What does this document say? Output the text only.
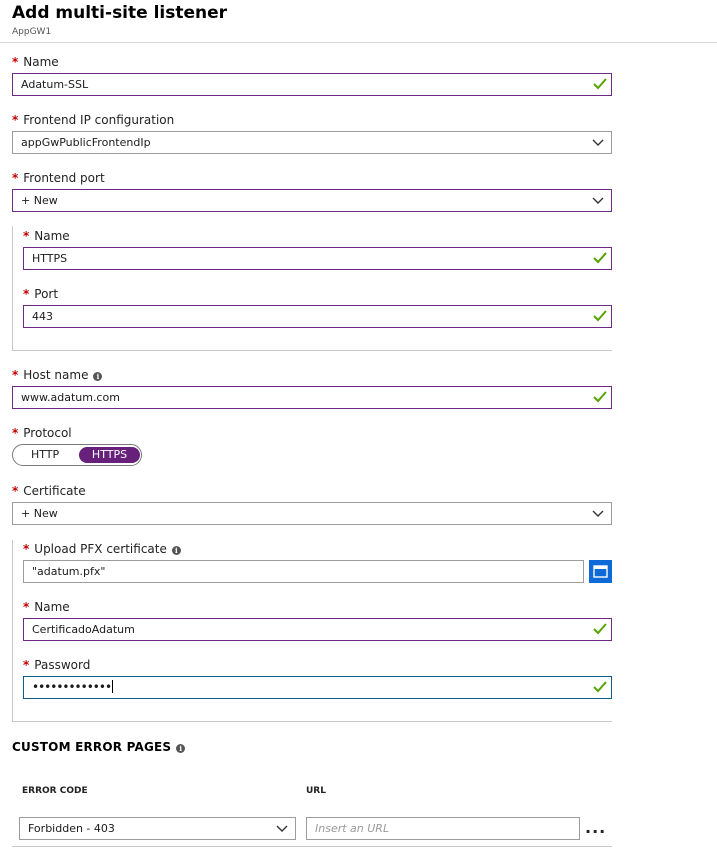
Add multi-site listener
AppGW1
* Name
Adatum-SSL
* Frontend IP configuration
appGwPublicFrontendIp
* Frontend port
+ New
* Name
HTTPS
* Port
443
* Host name i
www.adatum.com
* Protocol
HTTP	HTTPS
* Certificate
+ New
* Upload PFX certificate i
"adatum.pfx"
* Name
CertificadoAdatum
* Password
•••••••••••••
CUSTOM ERROR PAGES i
ERROR CODE	URL
Forbidden - 403	Insert an URL	...
